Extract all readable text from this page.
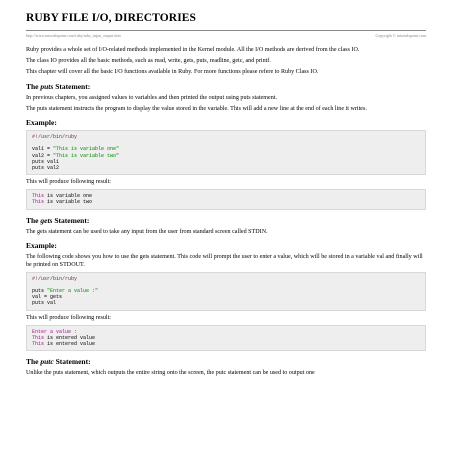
RUBY FILE I/O, DIRECTORIES
http://www.tutorialspoint.com/ruby/ruby_input_output.htm	Copyright © tutorialspoint.com

Ruby provides a whole set of I/O-related methods implemented in the Kernel module. All the I/O methods are derived from the class IO.

The class IO provides all the basic methods, such as read, write, gets, puts, readline, getc, and printf.

This chapter will cover all the basic I/O functions available in Ruby. For more functions please refere to Ruby Class IO.

The puts Statement:

In previous chapters, you assigned values to variables and then printed the output using puts statement.

The puts statement instructs the program to display the value stored in the variable. This will add a new line at the end of each line it writes.

Example:
#!/usr/bin/ruby

val1 = "This is variable one"
val2 = "This is variable two"
puts val1
puts val2

This will produce following result:

This is variable one
This is variable two
The gets Statement:

The gets statement can be used to take any input from the user from standard screen called STDIN.

Example:

The following code shows you how to use the gets statement. This code will prompt the user to enter a value, which will be stored in a variable val and finally will be printed on STDOUT.

#!/usr/bin/ruby

puts "Enter a value :"
val = gets
puts val

This will produce following result:

Enter a value :
This is entered value
This is entered value
The putc Statement:

Unlike the puts statement, which outputs the entire string onto the screen, the putc statement can be used to output one
